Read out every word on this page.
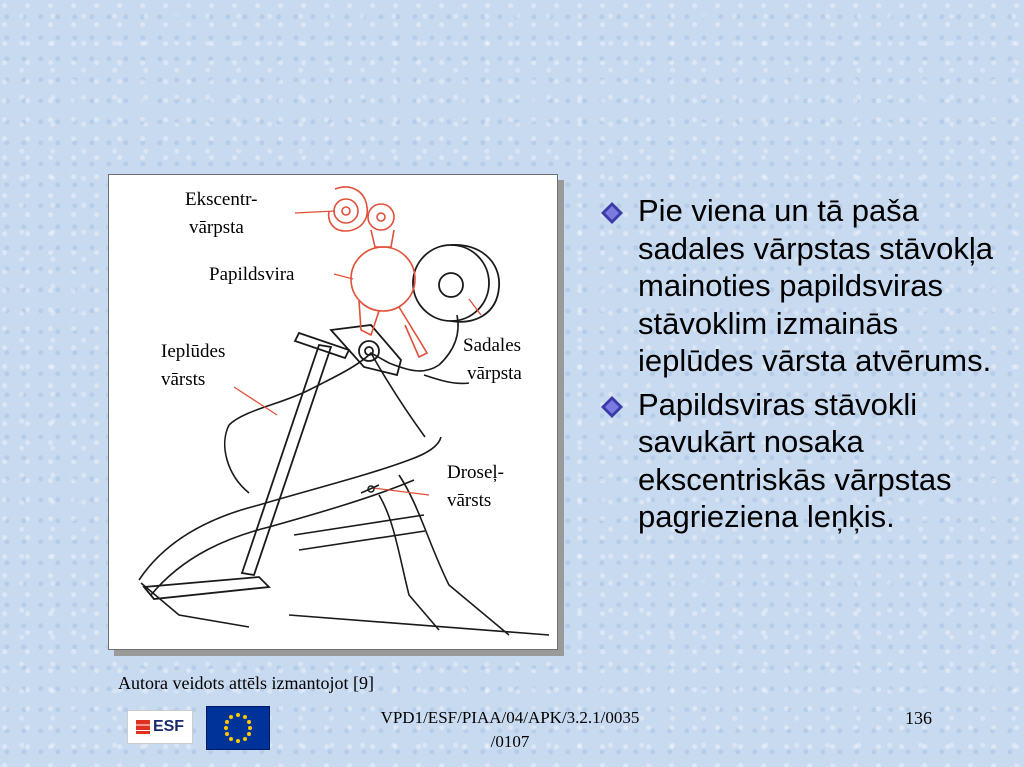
Ekscentr-
vārpsta
Papildsvira
Sadales
vārpsta
Ieplūdes
vārsts
Droseļ-
vārsts
Autora veidots attēls izmantojot [9]
Pie viena un tā paša sadales vārpstas stāvokļa mainoties papildsviras stāvoklim izmainās ieplūdes vārsta atvērums.
Papildsviras stāvokli savukārt nosaka ekscentriskās vārpstas pagrieziena leņķis.
ESF	VPD1/ESF/PIAA/04/APK/3.2.1/0035
/0107
136
